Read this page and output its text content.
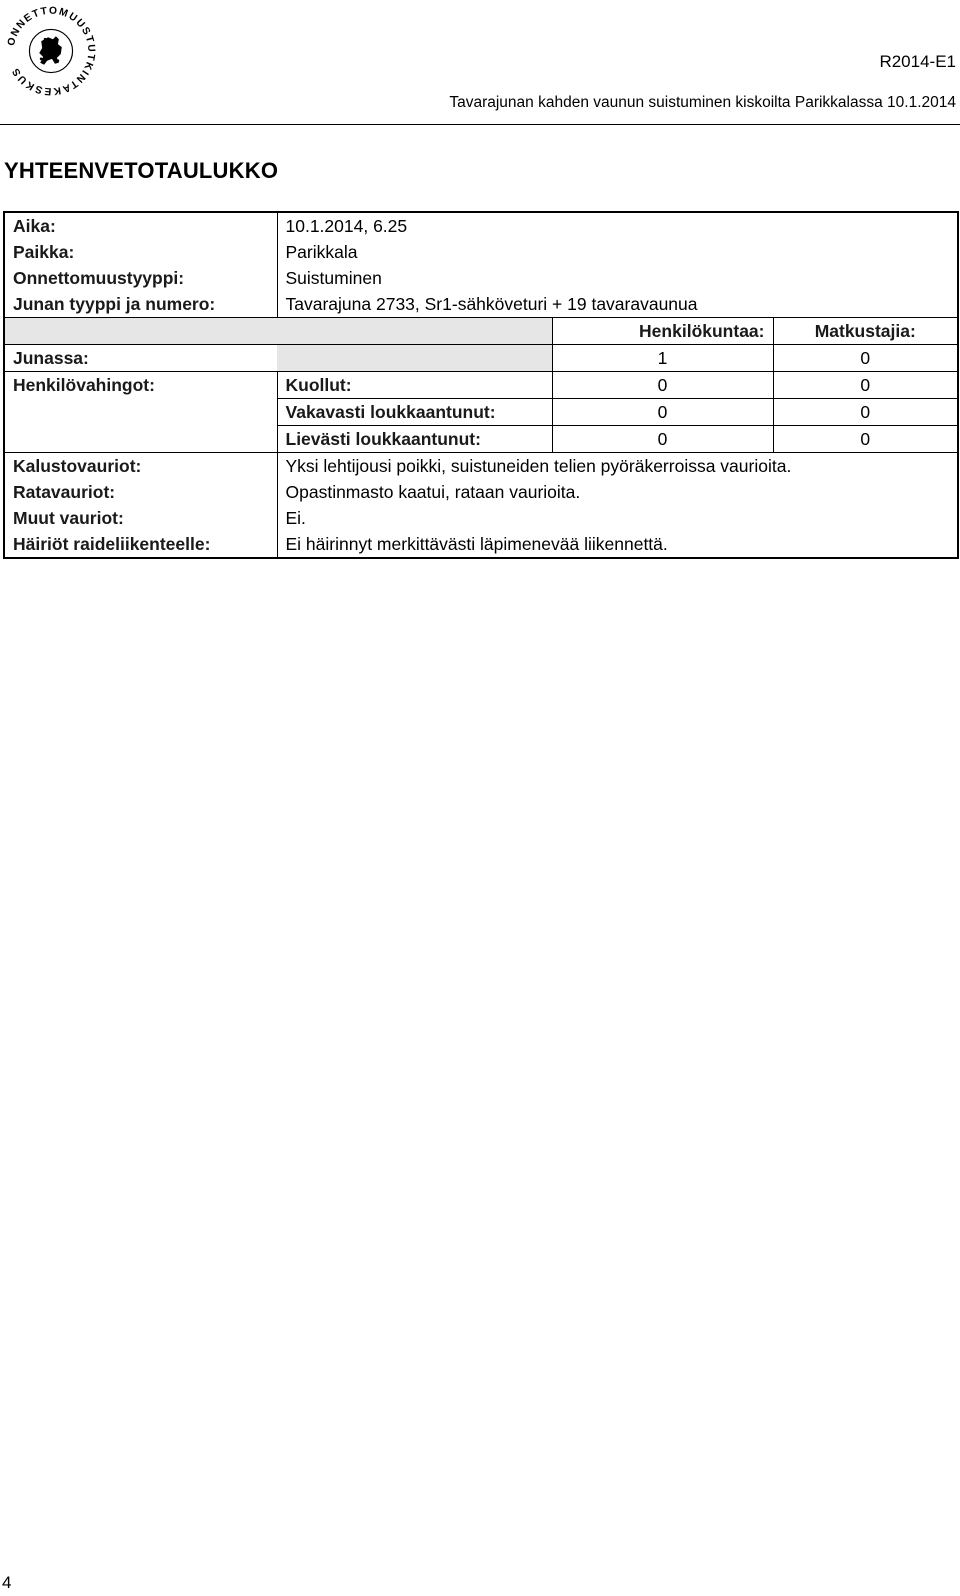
ONNETTOMUUSTUTKINTAKESKUS
R2014-E1
Tavarajunan kahden vaunun suistuminen kiskoilta Parikkalassa 10.1.2014
YHTEENVETOTAULUKKO
Aika:	10.1.2014, 6.25		
Paikka:	Parikkala		
Onnettomuustyyppi:	Suistuminen		
Junan tyyppi ja numero:	Tavarajuna 2733, Sr1-sähköveturi + 19 tavaravaunua		
		Henkilökuntaa:	Matkustajia:
Junassa:		1	0
Henkilövahingot:	Kuollut:	0	0
	Vakavasti loukkaantunut:	0	0
	Lievästi loukkaantunut:	0	0
Kalustovauriot:	Yksi lehtijousi poikki, suistuneiden telien pyöräkerroissa vaurioita.		
Ratavauriot:	Opastinmasto kaatui, rataan vaurioita.		
Muut vauriot:	Ei.		
Häiriöt raideliikenteelle:	Ei häirinnyt merkittävästi läpimenevää liikennettä.		
4
